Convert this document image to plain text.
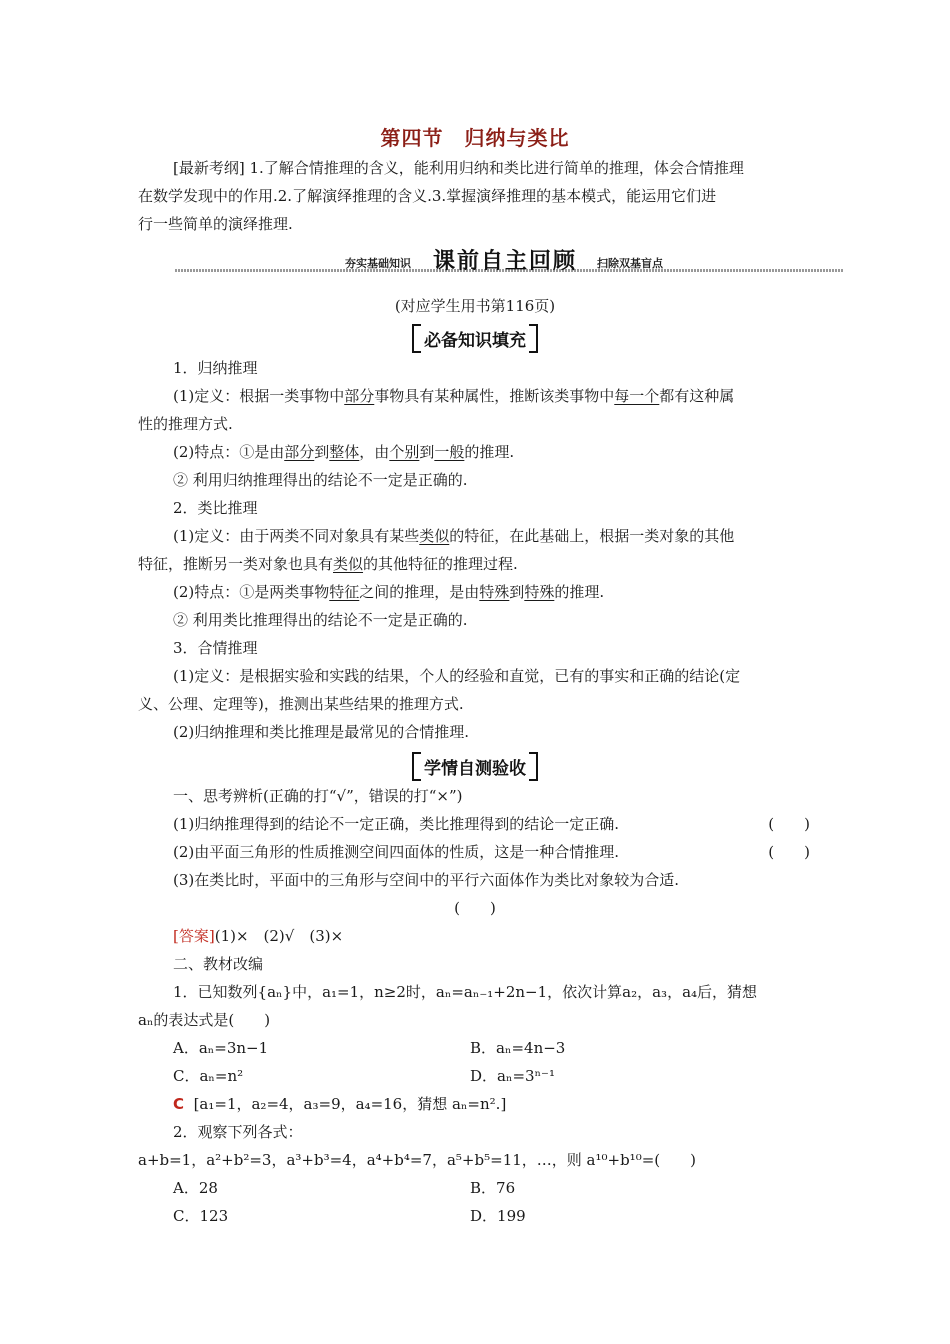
第四节　归纳与类比
[最新考纲] 1.了解合情推理的含义，能利用归纳和类比进行简单的推理，体会合情推理
在数学发现中的作用.2.了解演绎推理的含义.3.掌握演绎推理的基本模式，能运用它们进
行一些简单的演绎推理.
夯实基础知识 课前自主回顾 扫除双基盲点
(对应学生用书第116页)
必备知识填充
1．归纳推理
(1)定义：根据一类事物中部分事物具有某种属性，推断该类事物中每一个都有这种属
性的推理方式.
(2)特点：①是由部分到整体，由个别到一般的推理.
② 利用归纳推理得出的结论不一定是正确的.
2．类比推理
(1)定义：由于两类不同对象具有某些类似的特征，在此基础上，根据一类对象的其他
特征，推断另一类对象也具有类似的其他特征的推理过程.
(2)特点：①是两类事物特征之间的推理，是由特殊到特殊的推理.
② 利用类比推理得出的结论不一定是正确的.
3．合情推理
(1)定义：是根据实验和实践的结果，个人的经验和直觉，已有的事实和正确的结论(定
义、公理、定理等)，推测出某些结果的推理方式.
(2)归纳推理和类比推理是最常见的合情推理.
学情自测验收
一、思考辨析(正确的打“√”，错误的打“×”)
(1)归纳推理得到的结论不一定正确，类比推理得到的结论一定正确.	(　　)
(2)由平面三角形的性质推测空间四面体的性质，这是一种合情推理.	(　　)
(3)在类比时，平面中的三角形与空间中的平行六面体作为类比对象较为合适.
(　　)
[答案](1)×　(2)√　(3)×
二、教材改编
1．已知数列{aₙ}中，a₁=1，n≥2时，aₙ=aₙ₋₁+2n−1，依次计算a₂，a₃，a₄后，猜想
aₙ的表达式是(　　)
A．aₙ=3n−1	B．aₙ=4n−3
C．aₙ=n²	D．aₙ=3ⁿ⁻¹
C [a₁=1，a₂=4，a₃=9，a₄=16，猜想 aₙ=n².]
2．观察下列各式：
a+b=1，a²+b²=3，a³+b³=4，a⁴+b⁴=7，a⁵+b⁵=11，…，则 a¹⁰+b¹⁰=(　　)
A．28	B．76
C．123	D．199
